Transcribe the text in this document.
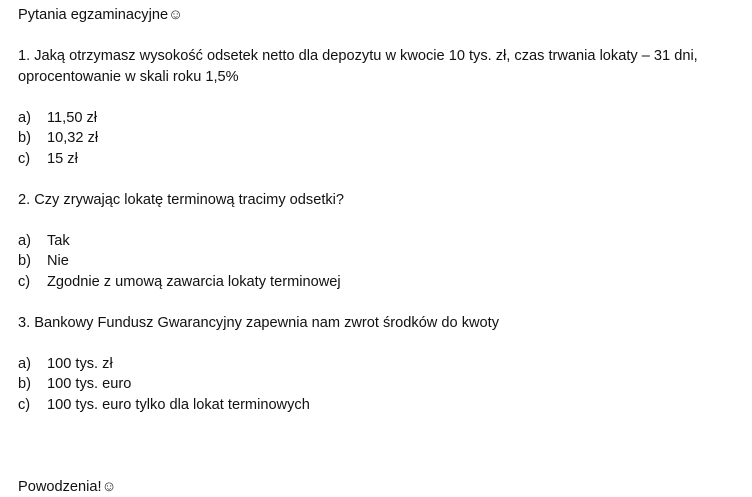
Pytania egzaminacyjne☺
1. Jaką otrzymasz wysokość odsetek netto dla depozytu w kwocie 10 tys. zł, czas trwania lokaty – 31 dni, oprocentowanie w skali roku 1,5%
a)	11,50 zł
b)	10,32 zł
c)	15 zł
2. Czy zrywając lokatę terminową tracimy odsetki?
a)	Tak
b)	Nie
c)	Zgodnie z umową zawarcia lokaty terminowej
3. Bankowy Fundusz Gwarancyjny zapewnia nam zwrot środków do kwoty
a)	100 tys. zł
b)	100 tys. euro
c)	100 tys. euro tylko dla lokat terminowych
Powodzenia!☺
